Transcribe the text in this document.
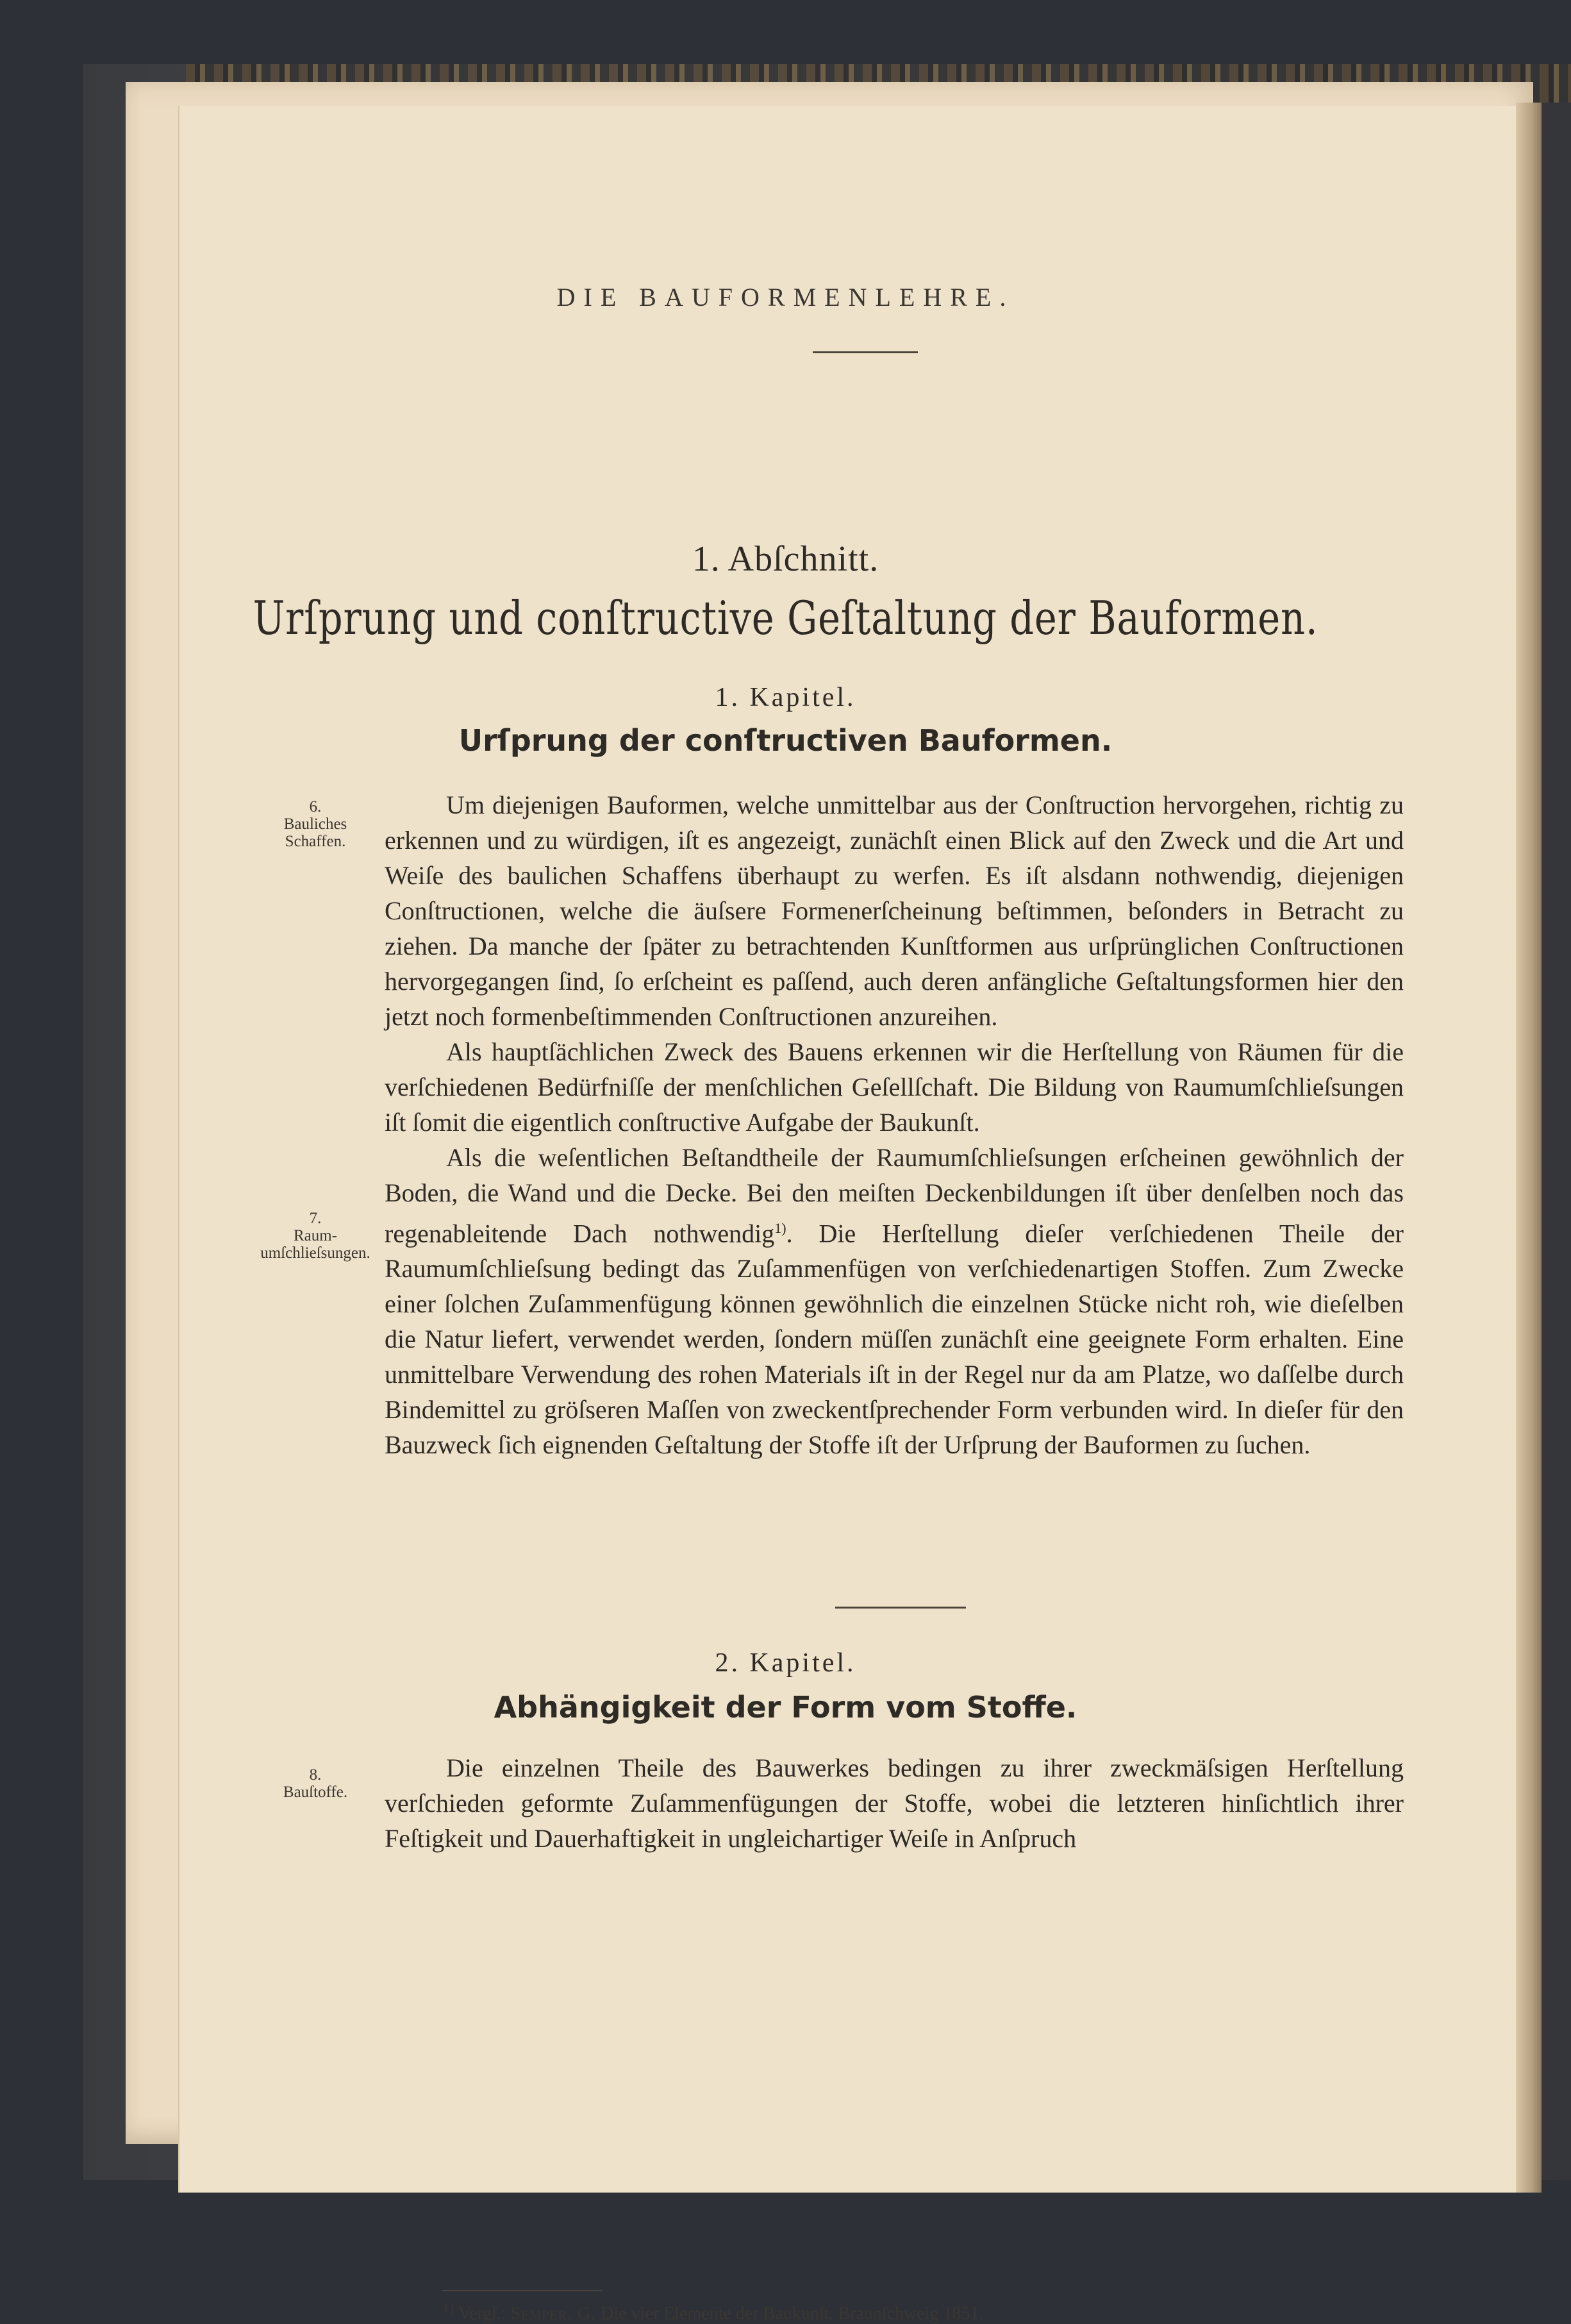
DIE BAUFORMENLEHRE.
1. Abſchnitt.
Urſprung und conſtructive Geſtaltung der Bauformen.
1. Kapitel.
Urſprung der conſtructiven Bauformen.
6.
Bauliches
Schaffen.

Um diejenigen Bauformen, welche unmittelbar aus der Conſtruction hervorgehen, richtig zu erkennen und zu würdigen, iſt es angezeigt, zunächſt einen Blick auf den Zweck und die Art und Weiſe des baulichen Schaffens überhaupt zu werfen. Es iſt alsdann nothwendig, diejenigen Conſtructionen, welche die äuſsere Formenerſcheinung beſtimmen, beſonders in Betracht zu ziehen. Da manche der ſpäter zu betrachtenden Kunſtformen aus urſprünglichen Conſtructionen hervorgegangen ſind, ſo erſcheint es paſſend, auch deren anfängliche Geſtaltungsformen hier den jetzt noch formenbeſtimmenden Conſtructionen anzureihen.

Als hauptſächlichen Zweck des Bauens erkennen wir die Herſtellung von Räumen für die verſchiedenen Bedürfniſſe der menſchlichen Geſellſchaft. Die Bildung von Raumumſchlieſsungen iſt ſomit die eigentlich conſtructive Aufgabe der Baukunſt.

Als die weſentlichen Beſtandtheile der Raumumſchlieſsungen erſcheinen gewöhnlich der Boden, die Wand und die Decke. Bei den meiſten Deckenbildungen iſt über denſelben noch das regenableitende Dach nothwendig$^{1)}$. Die Herſtellung dieſer verſchiedenen Theile der Raumumſchlieſsung bedingt das Zuſammenfügen von verſchiedenartigen Stoffen. Zum Zwecke einer ſolchen Zuſammenfügung können gewöhnlich die einzelnen Stücke nicht roh, wie dieſelben die Natur liefert, verwendet werden, ſondern müſſen zunächſt eine geeignete Form erhalten. Eine unmittelbare Verwendung des rohen Materials iſt in der Regel nur da am Platze, wo daſſelbe durch Bindemittel zu gröſseren Maſſen von zweckentſprechender Form verbunden wird. In dieſer für den Bauzweck ſich eignenden Geſtaltung der Stoffe iſt der Urſprung der Bauformen zu ſuchen.

7.
Raum-
umſchlieſsungen.
2. Kapitel.
Abhängigkeit der Form vom Stoffe.
8.
Bauſtoffe.

Die einzelnen Theile des Bauwerkes bedingen zu ihrer zweckmäſsigen Herſtellung verſchieden geformte Zuſammenfügungen der Stoffe, wobei die letzteren hinſichtlich ihrer Feſtigkeit und Dauerhaftigkeit in ungleichartiger Weiſe in Anſpruch

$^{1)}$ Vergl.: Semper, G. Die vier Elemente der Baukunſt. Braunſchweig 1851.
